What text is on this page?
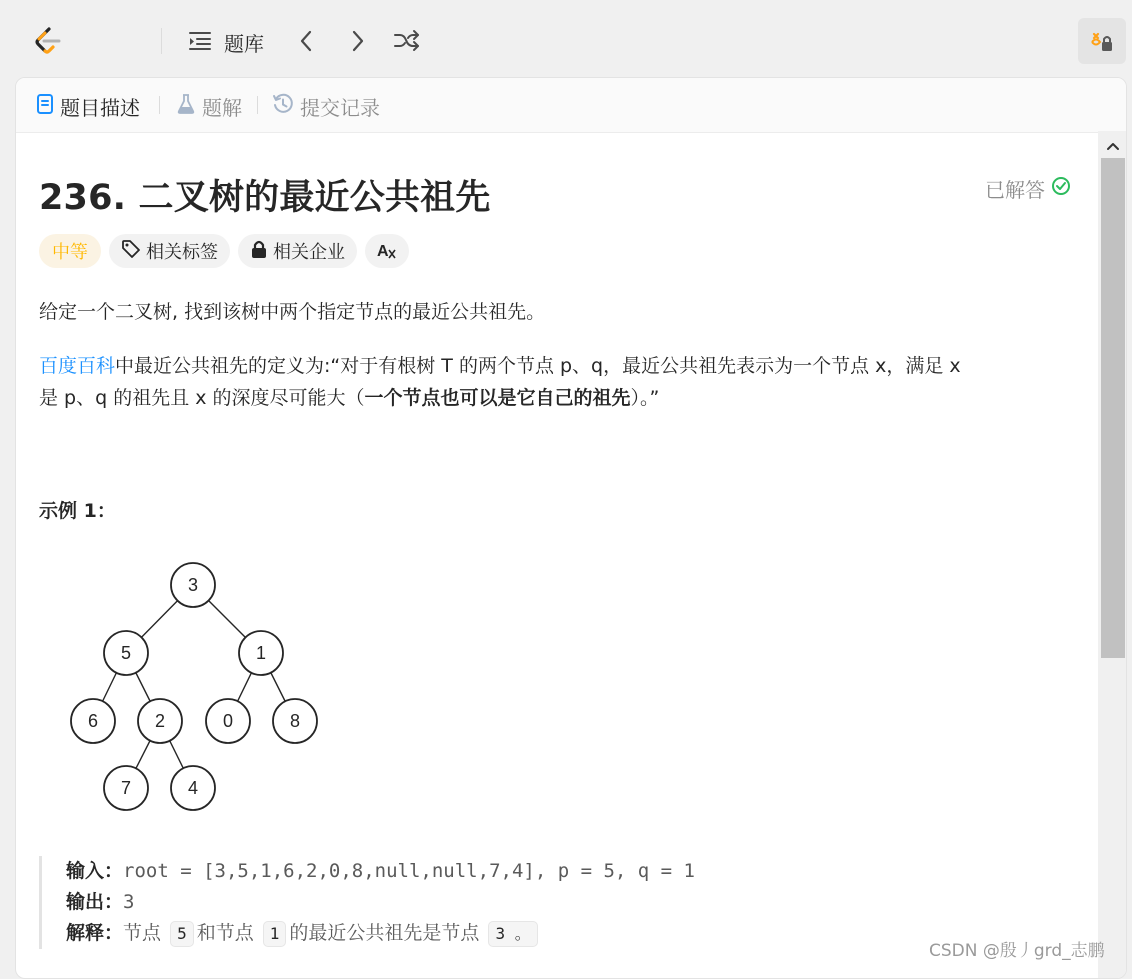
题库
题目描述	题解	提交记录
236. 二叉树的最近公共祖先	已解答
中等	相关标签	相关企业 A
给定一个二叉树, 找到该树中两个指定节点的最近公共祖先。
百度百科中最近公共祖先的定义为:“对于有根树 T 的两个节点 p、q，最近公共祖先表示为一个节点 x，满足 x
是 p、q 的祖先且 x 的深度尽可能大（一个节点也可以是它自己的祖先）。”
示例 1：
3
5	1
6	2	0	8
7	4
输入：root = [3,5,1,6,2,0,8,null,null,7,4], p = 5, q = 1
输出：3
解释：节点 5 和节点 1 的最近公共祖先是节点 3 。
CSDN @殷丿grd_志鹏
